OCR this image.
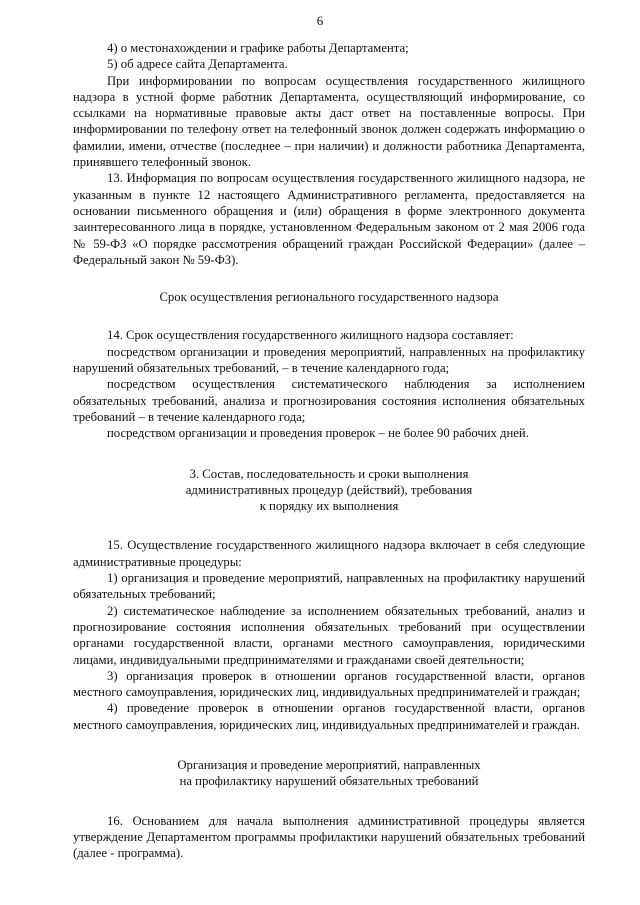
6

4) о местонахождении и графике работы Департамента;

5) об адресе сайта Департамента.

При информировании по вопросам осуществления государственного жилищного надзора в устной форме работник Департамента, осуществляющий информирование, со ссылками на нормативные правовые акты даст ответ на поставленные вопросы. При информировании по телефону ответ на телефонный звонок должен содержать информацию о фамилии, имени, отчестве (последнее – при наличии) и должности работника Департамента, принявшего телефонный звонок.

13. Информация по вопросам осуществления государственного жилищного надзора, не указанным в пункте 12 настоящего Административного регламента, предоставляется на основании письменного обращения и (или) обращения в форме электронного документа заинтересованного лица в порядке, установленном Федеральным законом от 2 мая 2006 года № 59-ФЗ «О порядке рассмотрения обращений граждан Российской Федерации» (далее – Федеральный закон № 59-ФЗ).

Срок осуществления регионального государственного надзора

14. Срок осуществления государственного жилищного надзора составляет:

посредством организации и проведения мероприятий, направленных на профилактику нарушений обязательных требований, – в течение календарного года;

посредством осуществления систематического наблюдения за исполнением обязательных требований, анализа и прогнозирования состояния исполнения обязательных требований – в течение календарного года;

посредством организации и проведения проверок – не более 90 рабочих дней.

3. Состав, последовательность и сроки выполнения
административных процедур (действий), требования
к порядку их выполнения

15. Осуществление государственного жилищного надзора включает в себя следующие административные процедуры:

1) организация и проведение мероприятий, направленных на профилактику нарушений обязательных требований;

2) систематическое наблюдение за исполнением обязательных требований, анализ и прогнозирование состояния исполнения обязательных требований при осуществлении органами государственной власти, органами местного самоуправления, юридическими лицами, индивидуальными предпринимателями и гражданами своей деятельности;

3) организация проверок в отношении органов государственной власти, органов местного самоуправления, юридических лиц, индивидуальных предпринимателей и граждан;

4) проведение проверок в отношении органов государственной власти, органов местного самоуправления, юридических лиц, индивидуальных предпринимателей и граждан.

Организация и проведение мероприятий, направленных
на профилактику нарушений обязательных требований

16. Основанием для начала выполнения административной процедуры является утверждение Департаментом программы профилактики нарушений обязательных требований (далее - программа).
